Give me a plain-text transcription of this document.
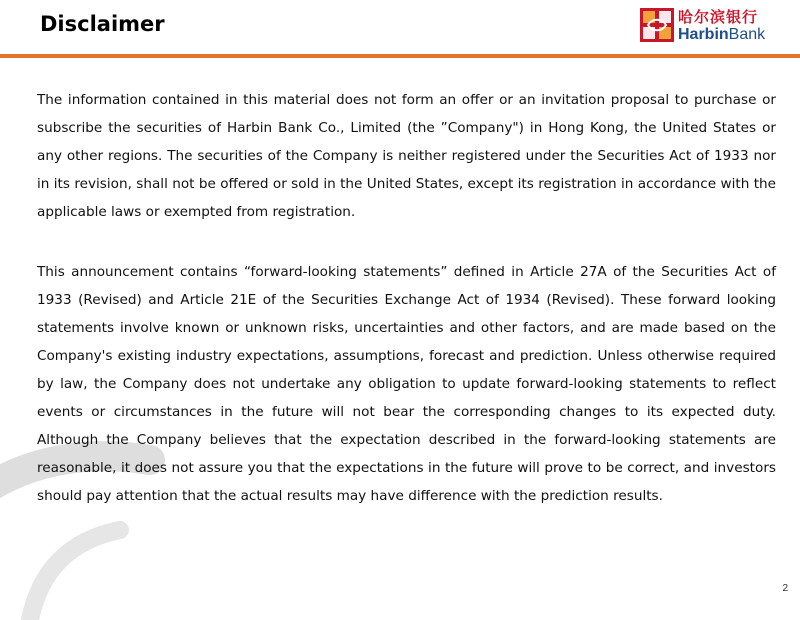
Disclaimer	哈尔滨银行
HarbinBank

The information contained in this material does not form an offer or an invitation proposal to purchase or subscribe the securities of Harbin Bank Co., Limited (the ”Company") in Hong Kong, the United States or any other regions. The securities of the Company is neither registered under the Securities Act of 1933 nor in its revision, shall not be offered or sold in the United States, except its registration in accordance with the applicable laws or exempted from registration.

This announcement contains “forward-looking statements” defined in Article 27A of the Securities Act of 1933 (Revised) and Article 21E of the Securities Exchange Act of 1934 (Revised). These forward looking statements involve known or unknown risks, uncertainties and other factors, and are made based on the Company's existing industry expectations, assumptions, forecast and prediction. Unless otherwise required by law, the Company does not undertake any obligation to update forward-looking statements to reflect events or circumstances in the future will not bear the corresponding changes to its expected duty. Although the Company believes that the expectation described in the forward-looking statements are reasonable, it does not assure you that the expectations in the future will prove to be correct, and investors should pay attention that the actual results may have difference with the prediction results.

2
